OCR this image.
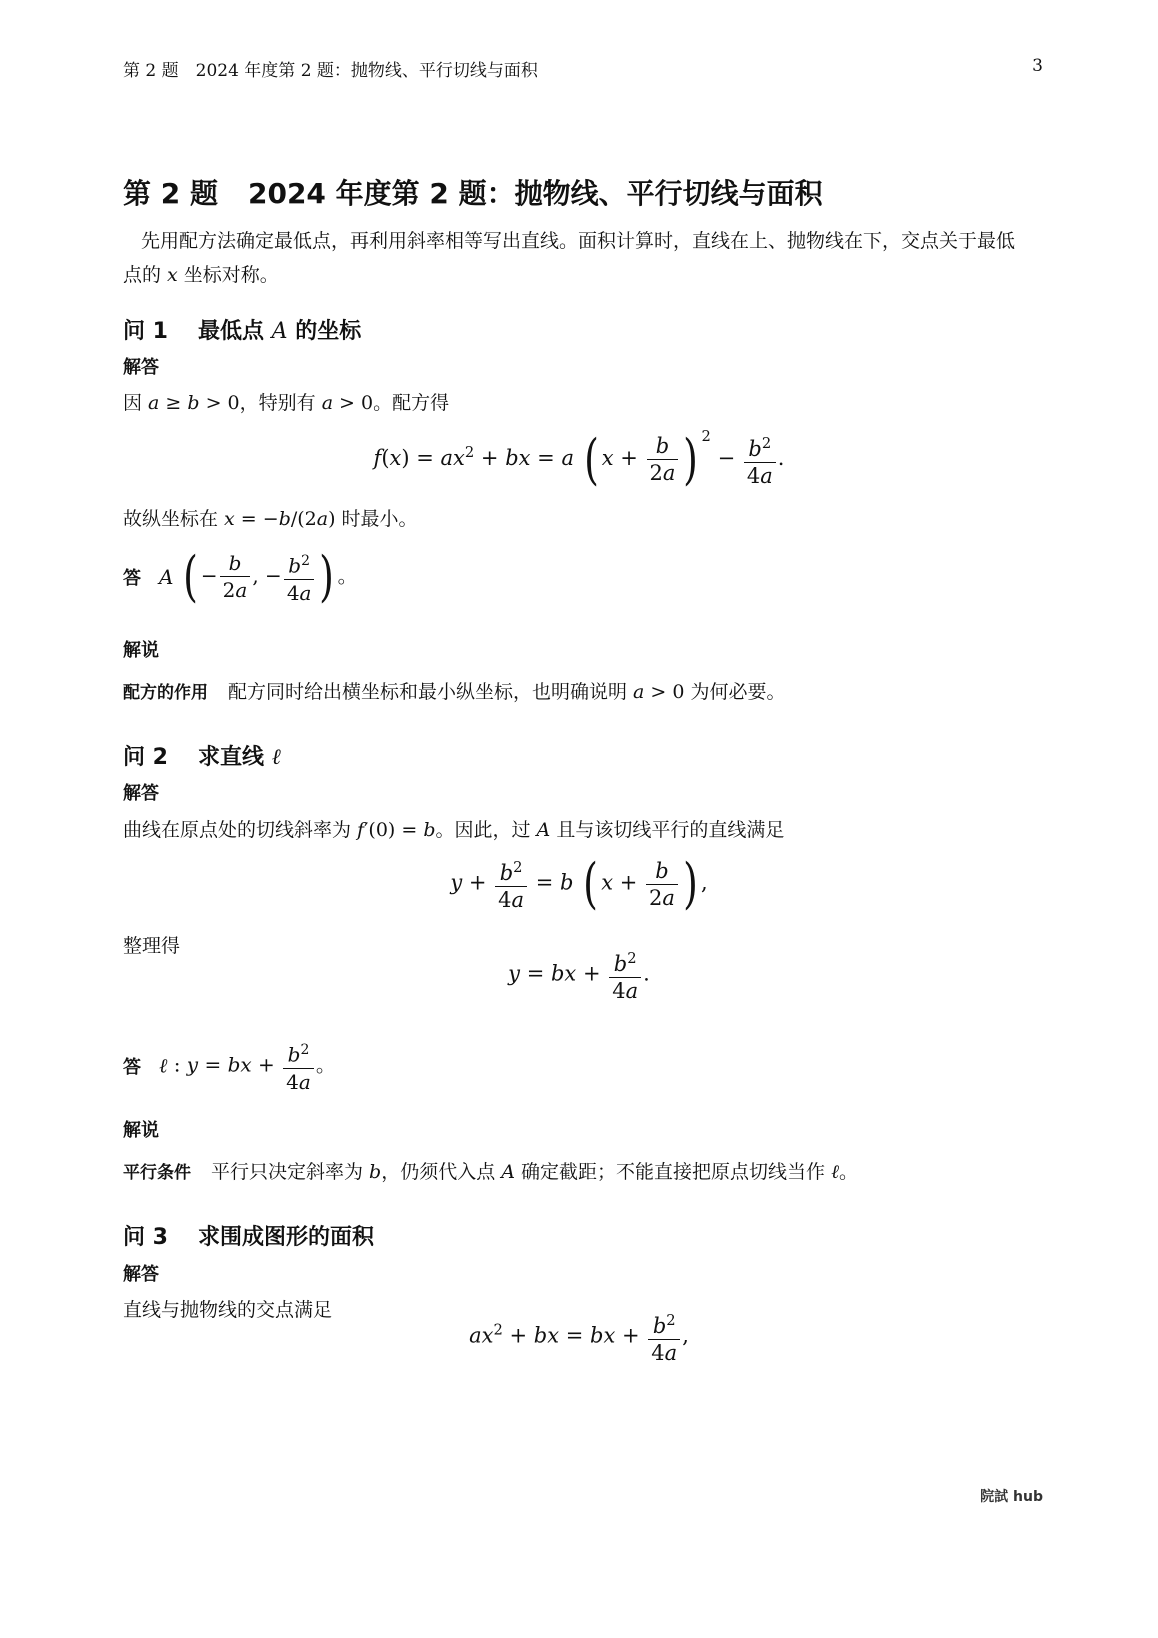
第 2 题　2024 年度第 2 题：抛物线、平行切线与面积	3
第 2 题 2024 年度第 2 题：抛物线、平行切线与面积
先用配方法确定最低点，再利用斜率相等写出直线。面积计算时，直线在上、抛物线在下，交点关于最低
点的 x 坐标对称。
问 1 最低点 A 的坐标
解答
因 a ≥ b > 0，特别有 a > 0。配方得
$f(x) = ax^2$ + bx = a ( $x + \frac{b}{2a}$ ) $^2 - \frac{b^2}{4a}$ .
故纵坐标在 x = −b/(2a) 时最小。
答 A ( − $\frac{b}{2a}$ , − $\frac{b^2}{4a}$ ) 。
解说
配方的作用 配方同时给出横坐标和最小纵坐标，也明确说明 a > 0 为何必要。
问 2 求直线 ℓ
解答
曲线在原点处的切线斜率为 f′(0) = b。因此，过 A 且与该切线平行的直线满足
$y + \frac{b^2}{4a} = b$ ( $x + \frac{b}{2a}$ ) ,
整理得
y = bx + $\frac{b^2}{4a}$ .
答 ℓ : y = bx + $\frac{b^2}{4a}$ 。
解说
平行条件 平行只决定斜率为 b，仍须代入点 A 确定截距；不能直接把原点切线当作 ℓ。
问 3 求围成图形的面积
解答
直线与抛物线的交点满足
$ax^2$ + bx = bx + $\frac{b^2}{4a}$ ,
院試 hub
